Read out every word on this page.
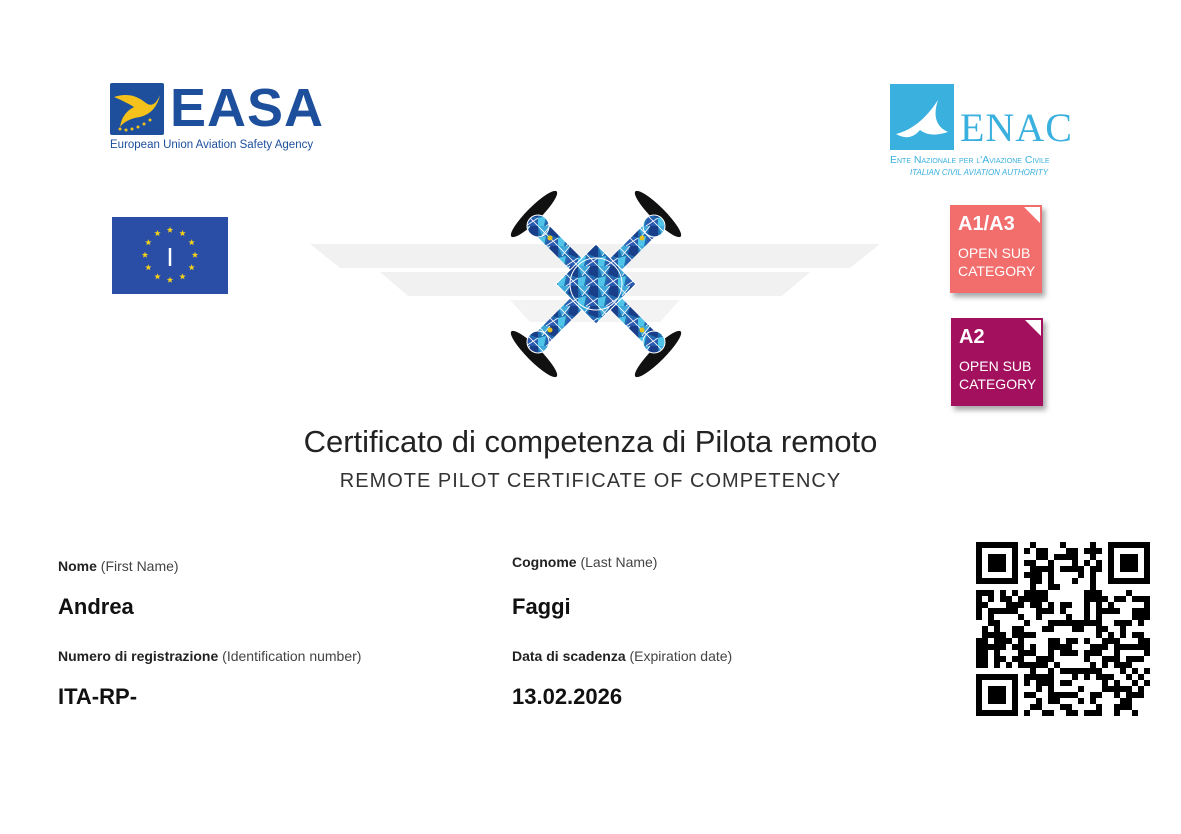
EASA
European Union Aviation Safety Agency
I
ENAC
Ente Nazionale per l'Aviazione Civile
ITALIAN CIVIL AVIATION AUTHORITY
A1/A3
OPEN SUB
CATEGORY
A2
OPEN SUB
CATEGORY
Certificato di competenza di Pilota remoto
REMOTE PILOT CERTIFICATE OF COMPETENCY
Nome (First Name)
Andrea
Cognome (Last Name)
Faggi
Numero di registrazione (Identification number)
ITA-RP-
Data di scadenza (Expiration date)
13.02.2026
